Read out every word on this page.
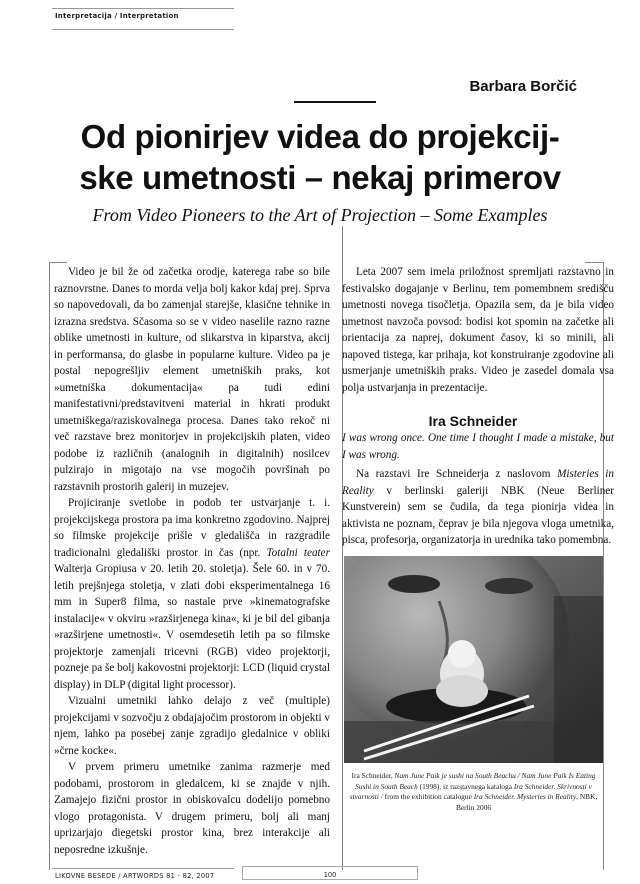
Interpretacija / Interpretation
Barbara Borčić
Od pionirjev videa do projekcij-
ske umetnosti – nekaj primerov
From Video Pioneers to the Art of Projection – Some Examples

Video je bil že od začetka orodje, katerega rabe so bile raznovrstne. Danes to morda velja bolj kakor kdaj prej. Sprva so napovedovali, da bo zamenjal starejše, klasične tehnike in izrazna sredstva. Sčasoma so se v video naselile razno razne oblike umetnosti in kulture, od slikarstva in kiparstva, akcij in performansa, do glasbe in popularne kulture. Video pa je postal nepogrešljiv element umetniških praks, kot »umetniška dokumentacija« pa tudi edini manifestativni/predstavitveni material in hkrati produkt umetniškega/raziskovalnega procesa. Danes tako rekoč ni več razstave brez monitorjev in projekcijskih platen, video podobe iz različnih (analognih in digitalnih) nosilcev pulzirajo in migotajo na vse mogočih površinah po razstavnih prostorih galerij in muzejev.

Projiciranje svetlobe in podob ter ustvarjanje t. i. projekcijskega prostora pa ima konkretno zgodovino. Najprej so filmske projekcije prišle v gledališča in razgradile tradicionalni gledališki prostor in čas (npr. Totalni teater Walterja Gropiusa v 20. letih 20. stoletja). Šele 60. in v 70. letih prejšnjega stoletja, v zlati dobi eksperimentalnega 16 mm in Super8 filma, so nastale prve »kinematografske instalacije« v okviru »razširjenega kina«, ki je bil del gibanja »razširjene umetnosti«. V osemdesetih letih pa so filmske projektorje zamenjali tricevni (RGB) video projektorji, pozneje pa še bolj kakovostni projektorji: LCD (liquid crystal display) in DLP (digital light processor).

Vizualni umetniki lahko delajo z več (multiple) projekcijami v sozvočju z obdajajočim prostorom in objekti v njem, lahko pa posebej zanje zgradijo gledalnice v obliki »črne kocke«.

V prvem primeru umetnike zanima razmerje med podobami, prostorom in gledalcem, ki se znajde v njih. Zamajejo fizični prostor in obiskovalcu dodelijo pomebno vlogo protagonista. V drugem primeru, bolj ali manj uprizarjajo diegetski prostor kina, brez interakcije ali neposredne izkušnje.

Leta 2007 sem imela priložnost spremljati razstavno in festivalsko dogajanje v Berlinu, tem pomembnem središču umetnosti novega tisočletja. Opazila sem, da je bila video umetnost navzoča povsod: bodisi kot spomin na začetke ali orientacija za naprej, dokument časov, ki so minili, ali napoved tistega, kar prihaja, kot konstruiranje zgodovine ali usmerjanje umetniških praks. Video je zasedel domala vsa polja ustvarjanja in prezentacije.

Ira Schneider
I was wrong once. One time I thought I made a mistake, but I was wrong.

Na razstavi Ire Schneiderja z naslovom Misteries in Reality v berlinski galeriji NBK (Neue Berliner Kunstverein) sem se čudila, da tega pionirja videa in aktivista ne poznam, čeprav je bila njegova vloga umetnika, pisca, profesorja, organizatorja in urednika tako pomembna.

Ira Schneider, Nam June Paik je sushi na South Beachu / Nam June Paik Is Eating Sushi in South Beach (1998), iz razstavnega kataloga Ira Schneider. Skrivnosti v stvarnosti / from the exhibition catalogue Ira Schneider. Mysteries in Reality, NBK, Berlin 2006
LIKOVNE BESEDE / ARTWORDS 81 - 82, 2007	100
